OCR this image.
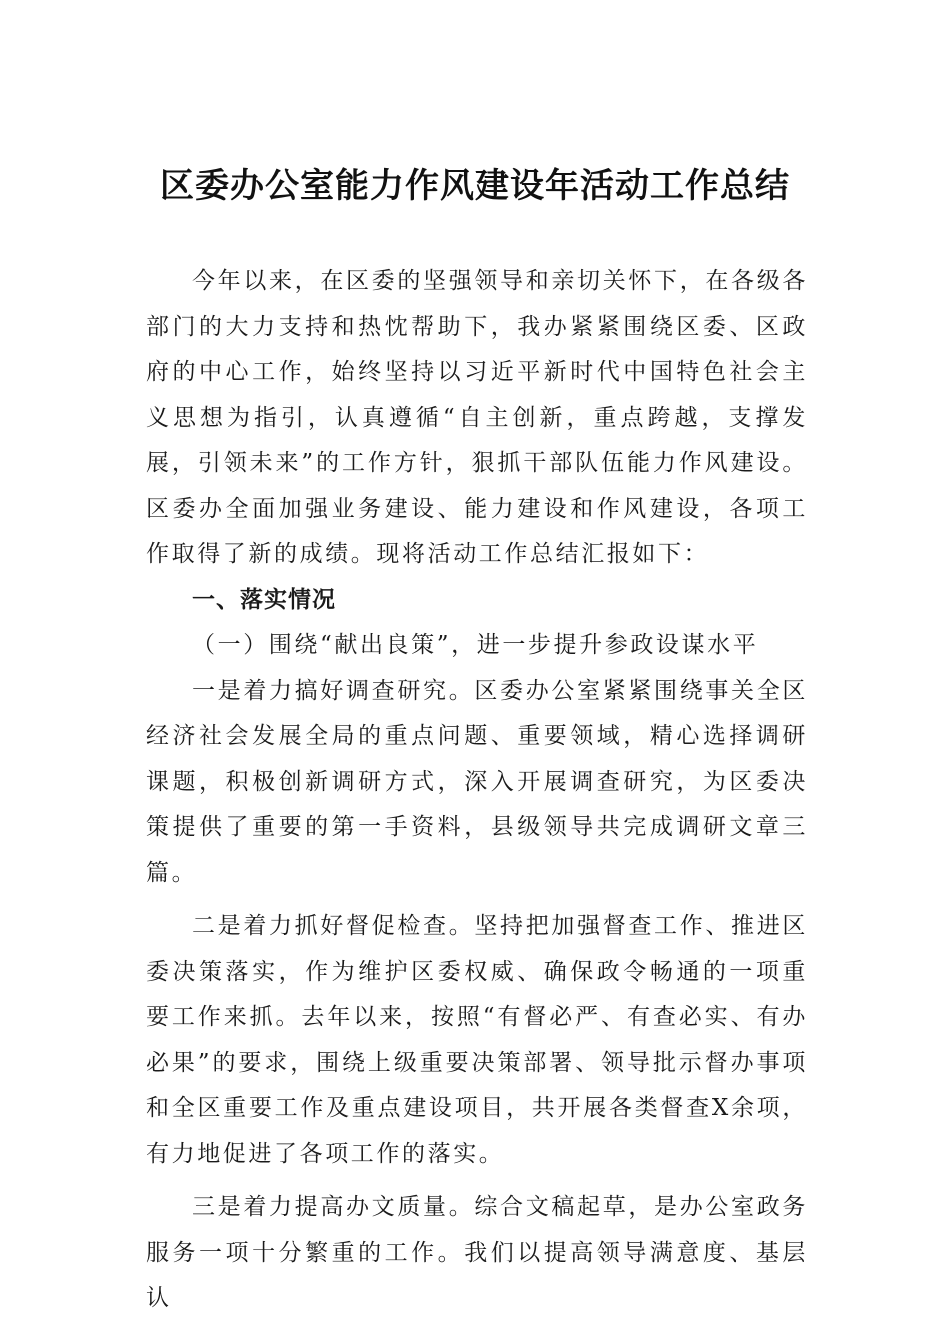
区委办公室能力作风建设年活动工作总结

今年以来，在区委的坚强领导和亲切关怀下，在各级各部门的大力支持和热忱帮助下，我办紧紧围绕区委、区政府的中心工作，始终坚持以习近平新时代中国特色社会主义思想为指引，认真遵循“自主创新，重点跨越，支撑发展，引领未来”的工作方针，狠抓干部队伍能力作风建设。区委办全面加强业务建设、能力建设和作风建设，各项工作取得了新的成绩。现将活动工作总结汇报如下：

一、落实情况

（一）围绕“献出良策”，进一步提升参政设谋水平

一是着力搞好调查研究。区委办公室紧紧围绕事关全区经济社会发展全局的重点问题、重要领域，精心选择调研课题，积极创新调研方式，深入开展调查研究，为区委决策提供了重要的第一手资料，县级领导共完成调研文章三篇。

二是着力抓好督促检查。坚持把加强督查工作、推进区委决策落实，作为维护区委权威、确保政令畅通的一项重要工作来抓。去年以来，按照“有督必严、有查必实、有办必果”的要求，围绕上级重要决策部署、领导批示督办事项和全区重要工作及重点建设项目，共开展各类督查X余项，有力地促进了各项工作的落实。

三是着力提高办文质量。综合文稿起草，是办公室政务服务一项十分繁重的工作。我们以提高领导满意度、基层认
